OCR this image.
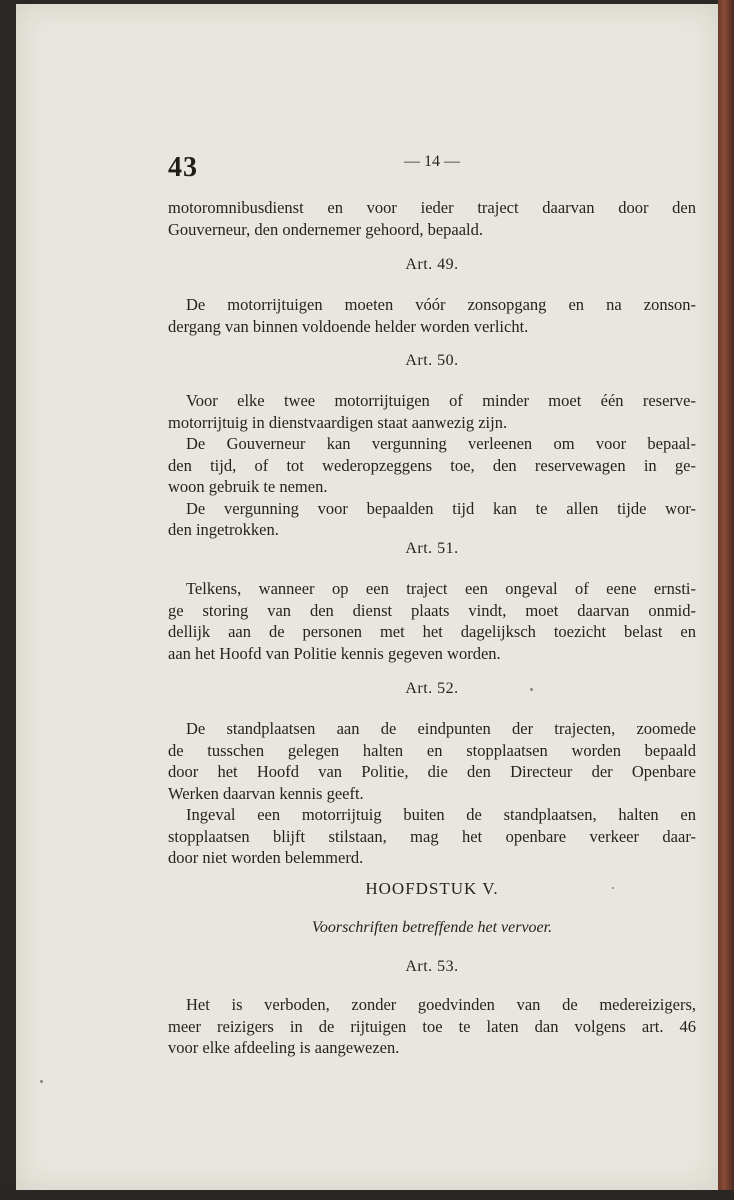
43	— 14 —
motoromnibusdienst en voor ieder traject daarvan door den
Gouverneur, den ondernemer gehoord, bepaald.
Art. 49.
De motorrijtuigen moeten vóór zonsopgang en na zonson-
dergang van binnen voldoende helder worden verlicht.
Art. 50.
Voor elke twee motorrijtuigen of minder moet één reserve-
motorrijtuig in dienstvaardigen staat aanwezig zijn.
De Gouverneur kan vergunning verleenen om voor bepaal-
den tijd, of tot wederopzeggens toe, den reservewagen in ge-
woon gebruik te nemen.
De vergunning voor bepaalden tijd kan te allen tijde wor-
den ingetrokken.
Art. 51.
Telkens, wanneer op een traject een ongeval of eene ernsti-
ge storing van den dienst plaats vindt, moet daarvan onmid-
dellijk aan de personen met het dagelijksch toezicht belast en
aan het Hoofd van Politie kennis gegeven worden.
Art. 52.
De standplaatsen aan de eindpunten der trajecten, zoomede
de tusschen gelegen halten en stopplaatsen worden bepaald
door het Hoofd van Politie, die den Directeur der Openbare
Werken daarvan kennis geeft.
Ingeval een motorrijtuig buiten de standplaatsen, halten en
stopplaatsen blijft stilstaan, mag het openbare verkeer daar-
door niet worden belemmerd.
HOOFDSTUK V.
Voorschriften betreffende het vervoer.
Art. 53.
Het is verboden, zonder goedvinden van de medereizigers,
meer reizigers in de rijtuigen toe te laten dan volgens art. 46
voor elke afdeeling is aangewezen.
